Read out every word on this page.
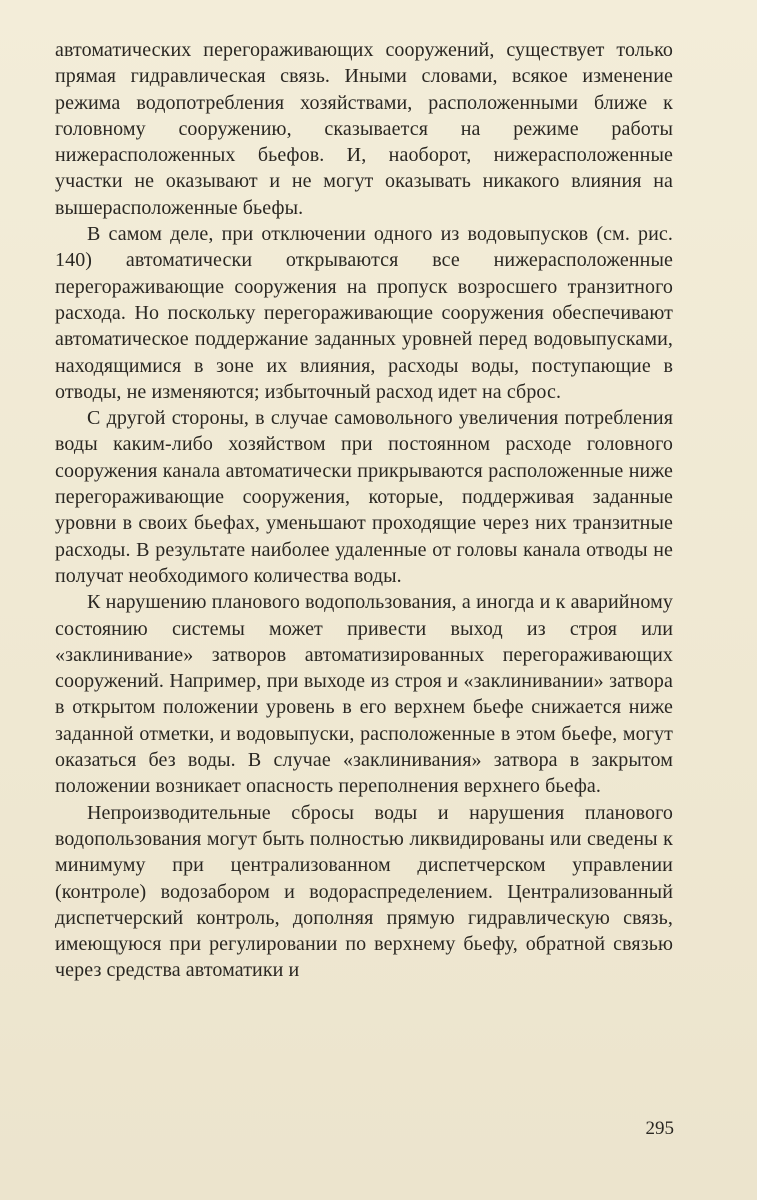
автоматических перегораживающих сооружений, существует только прямая гидравлическая связь. Иными словами, всякое изменение режима водопотребления хозяйствами, расположенными ближе к головному сооружению, сказывается на режиме работы нижерасположенных бьефов. И, наоборот, нижерасположенные участки не оказывают и не могут оказывать никакого влияния на вышерасположенные бьефы.

В самом деле, при отключении одного из водовыпусков (см. рис. 140) автоматически открываются все нижерасположенные перегораживающие сооружения на пропуск возросшего транзитного расхода. Но поскольку перегораживающие сооружения обеспечивают автоматическое поддержание заданных уровней перед водовыпусками, находящимися в зоне их влияния, расходы воды, поступающие в отводы, не изменяются; избыточный расход идет на сброс.

С другой стороны, в случае самовольного увеличения потребления воды каким-либо хозяйством при постоянном расходе головного сооружения канала автоматически прикрываются расположенные ниже перегораживающие сооружения, которые, поддерживая заданные уровни в своих бьефах, уменьшают проходящие через них транзитные расходы. В результате наиболее удаленные от головы канала отводы не получат необходимого количества воды.

К нарушению планового водопользования, а иногда и к аварийному состоянию системы может привести выход из строя или «заклинивание» затворов автоматизированных перегораживающих сооружений. Например, при выходе из строя и «заклинивании» затвора в открытом положении уровень в его верхнем бьефе снижается ниже заданной отметки, и водовыпуски, расположенные в этом бьефе, могут оказаться без воды. В случае «заклинивания» затвора в закрытом положении возникает опасность переполнения верхнего бьефа.

Непроизводительные сбросы воды и нарушения планового водопользования могут быть полностью ликвидированы или сведены к минимуму при централизованном диспетчерском управлении (контроле) водозабором и водораспределением. Централизованный диспетчерский контроль, дополняя прямую гидравлическую связь, имеющуюся при регулировании по верхнему бьефу, обратной связью через средства автоматики и

295
